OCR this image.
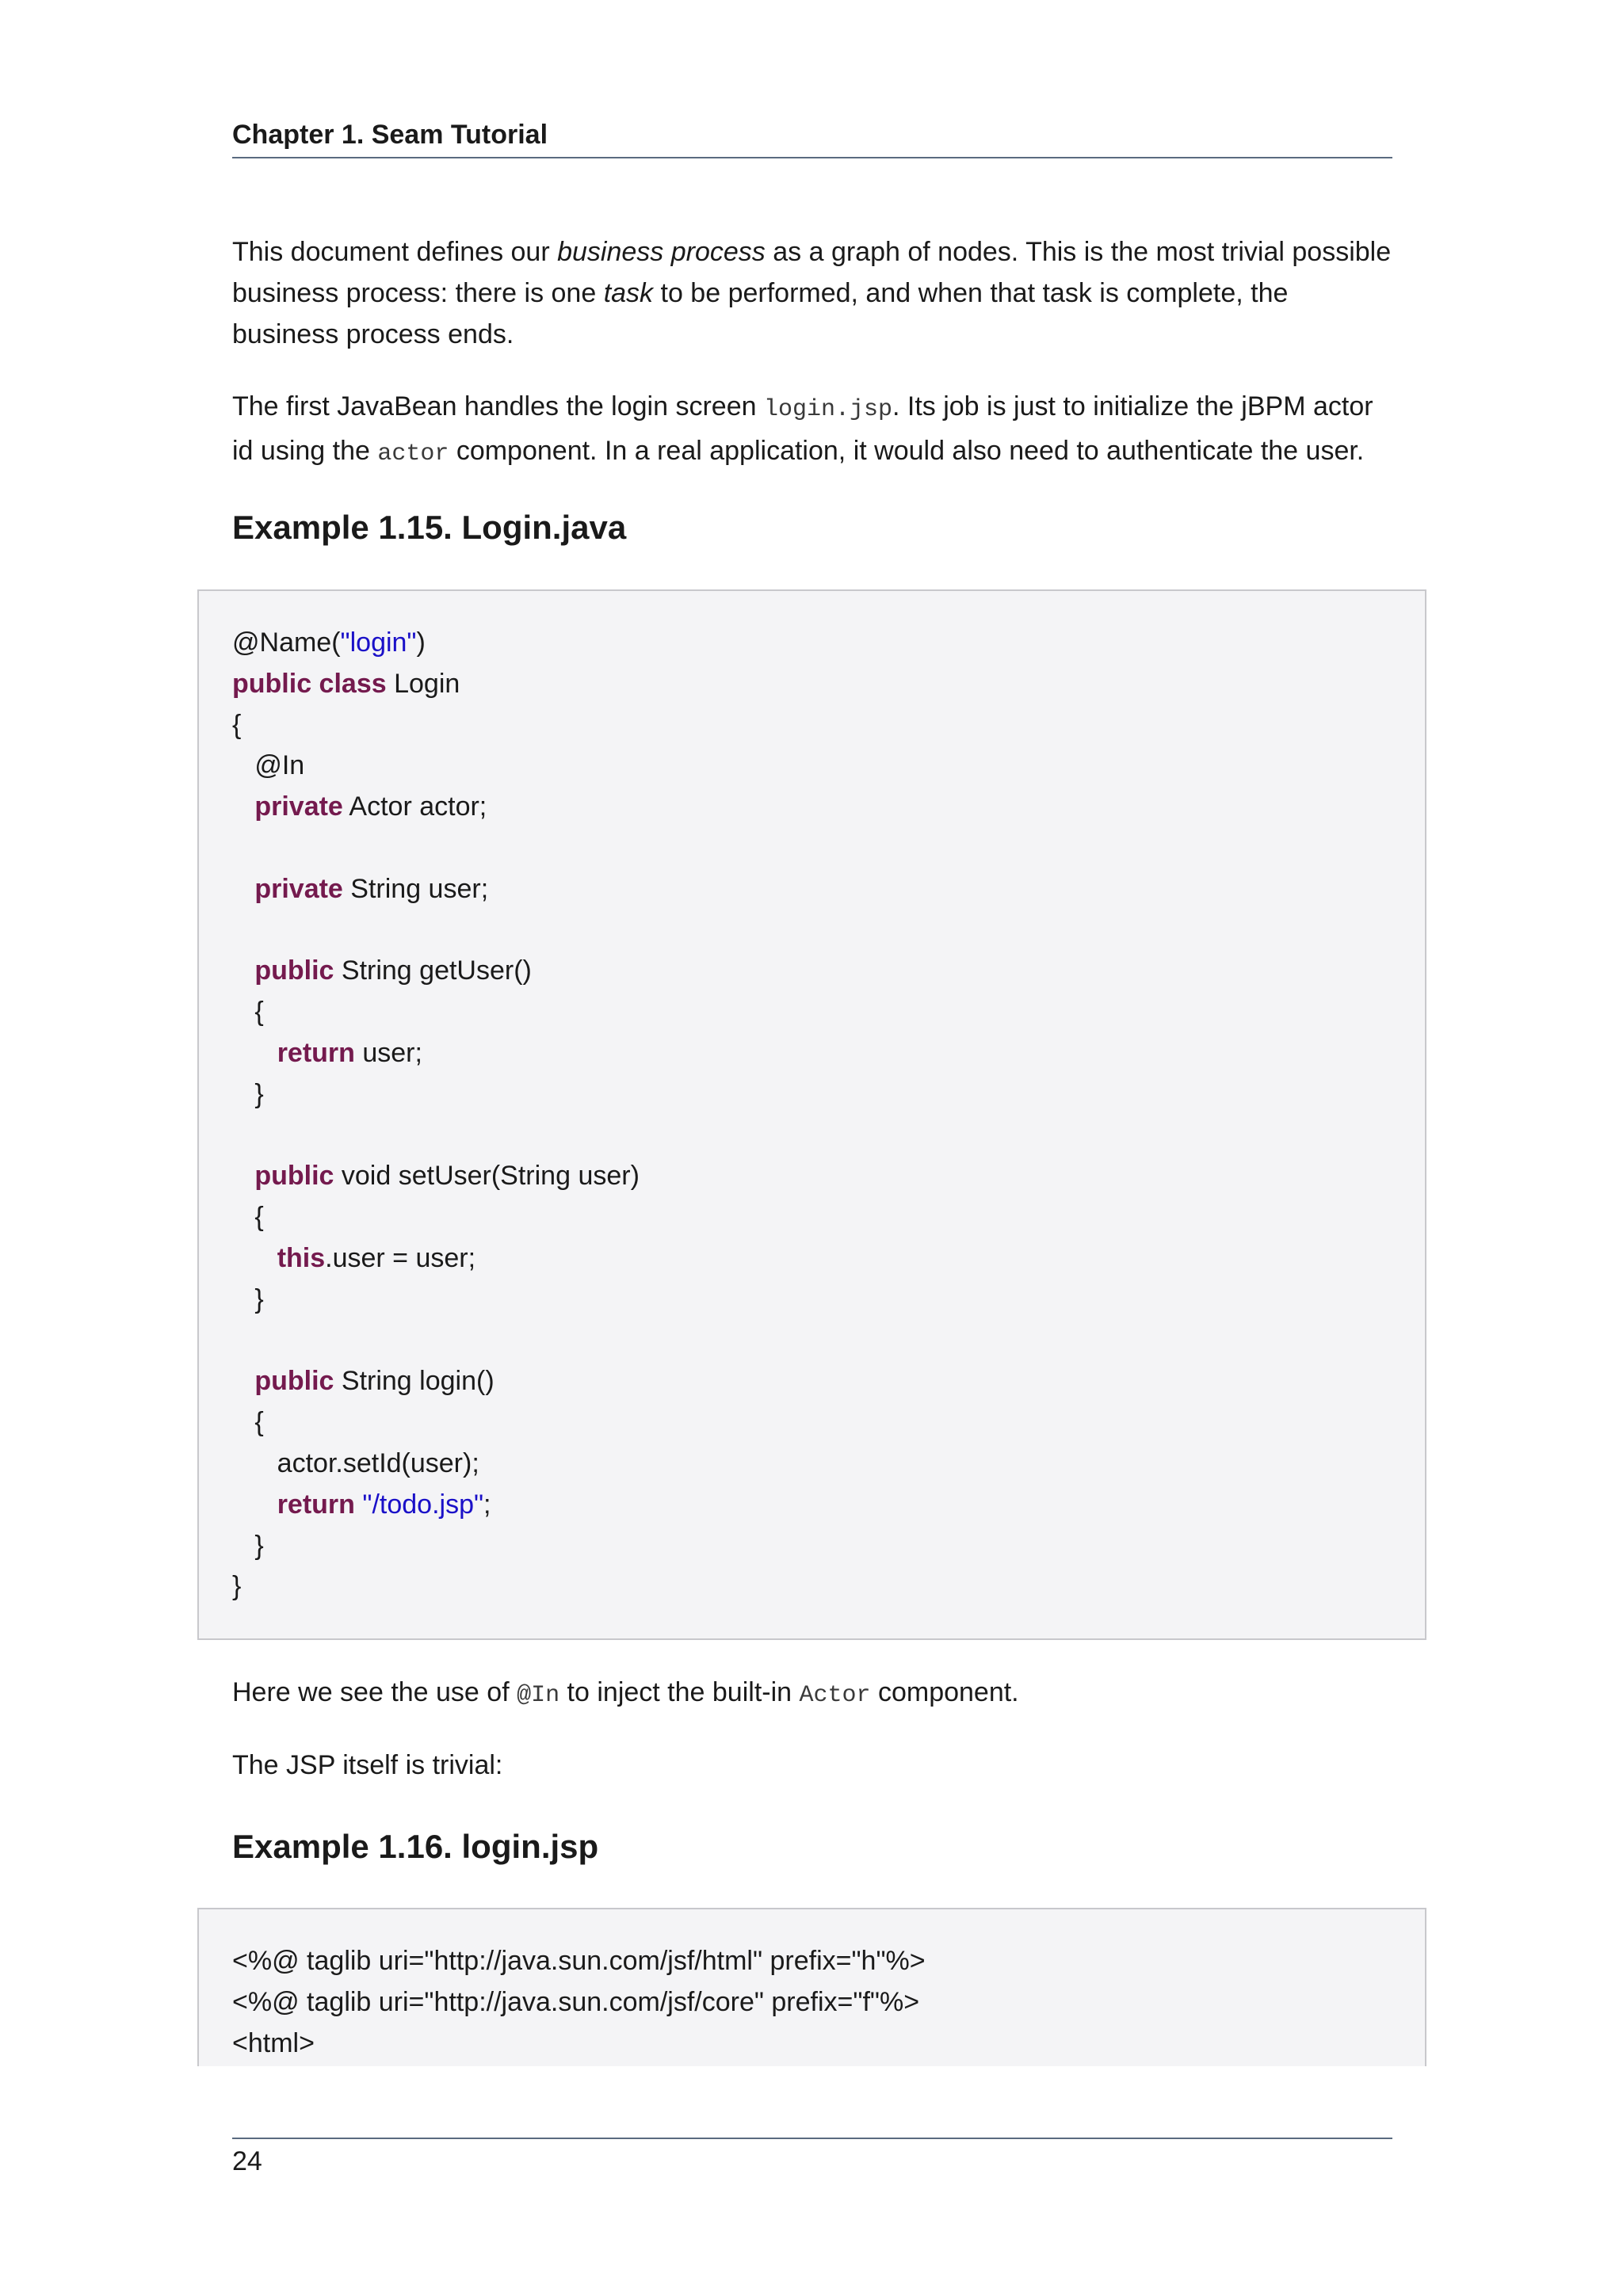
Chapter 1. Seam Tutorial

This document defines our business process as a graph of nodes. This is the most trivial possible business process: there is one task to be performed, and when that task is complete, the business process ends.

The first JavaBean handles the login screen login.jsp. Its job is just to initialize the jBPM actor id using the actor component. In a real application, it would also need to authenticate the user.

Example 1.15. Login.java
@Name("login")
public class Login
{
@In
private Actor actor;
private String user;
public String getUser()
{
return user;
}
public void setUser(String user)
{
this.user = user;
}
public String login()
{
actor.setId(user);
return "/todo.jsp";
}
}

Here we see the use of @In to inject the built-in Actor component.

The JSP itself is trivial:

Example 1.16. login.jsp
<%@ taglib uri="http://java.sun.com/jsf/html" prefix="h"%>
<%@ taglib uri="http://java.sun.com/jsf/core" prefix="f"%>
<html>
24
